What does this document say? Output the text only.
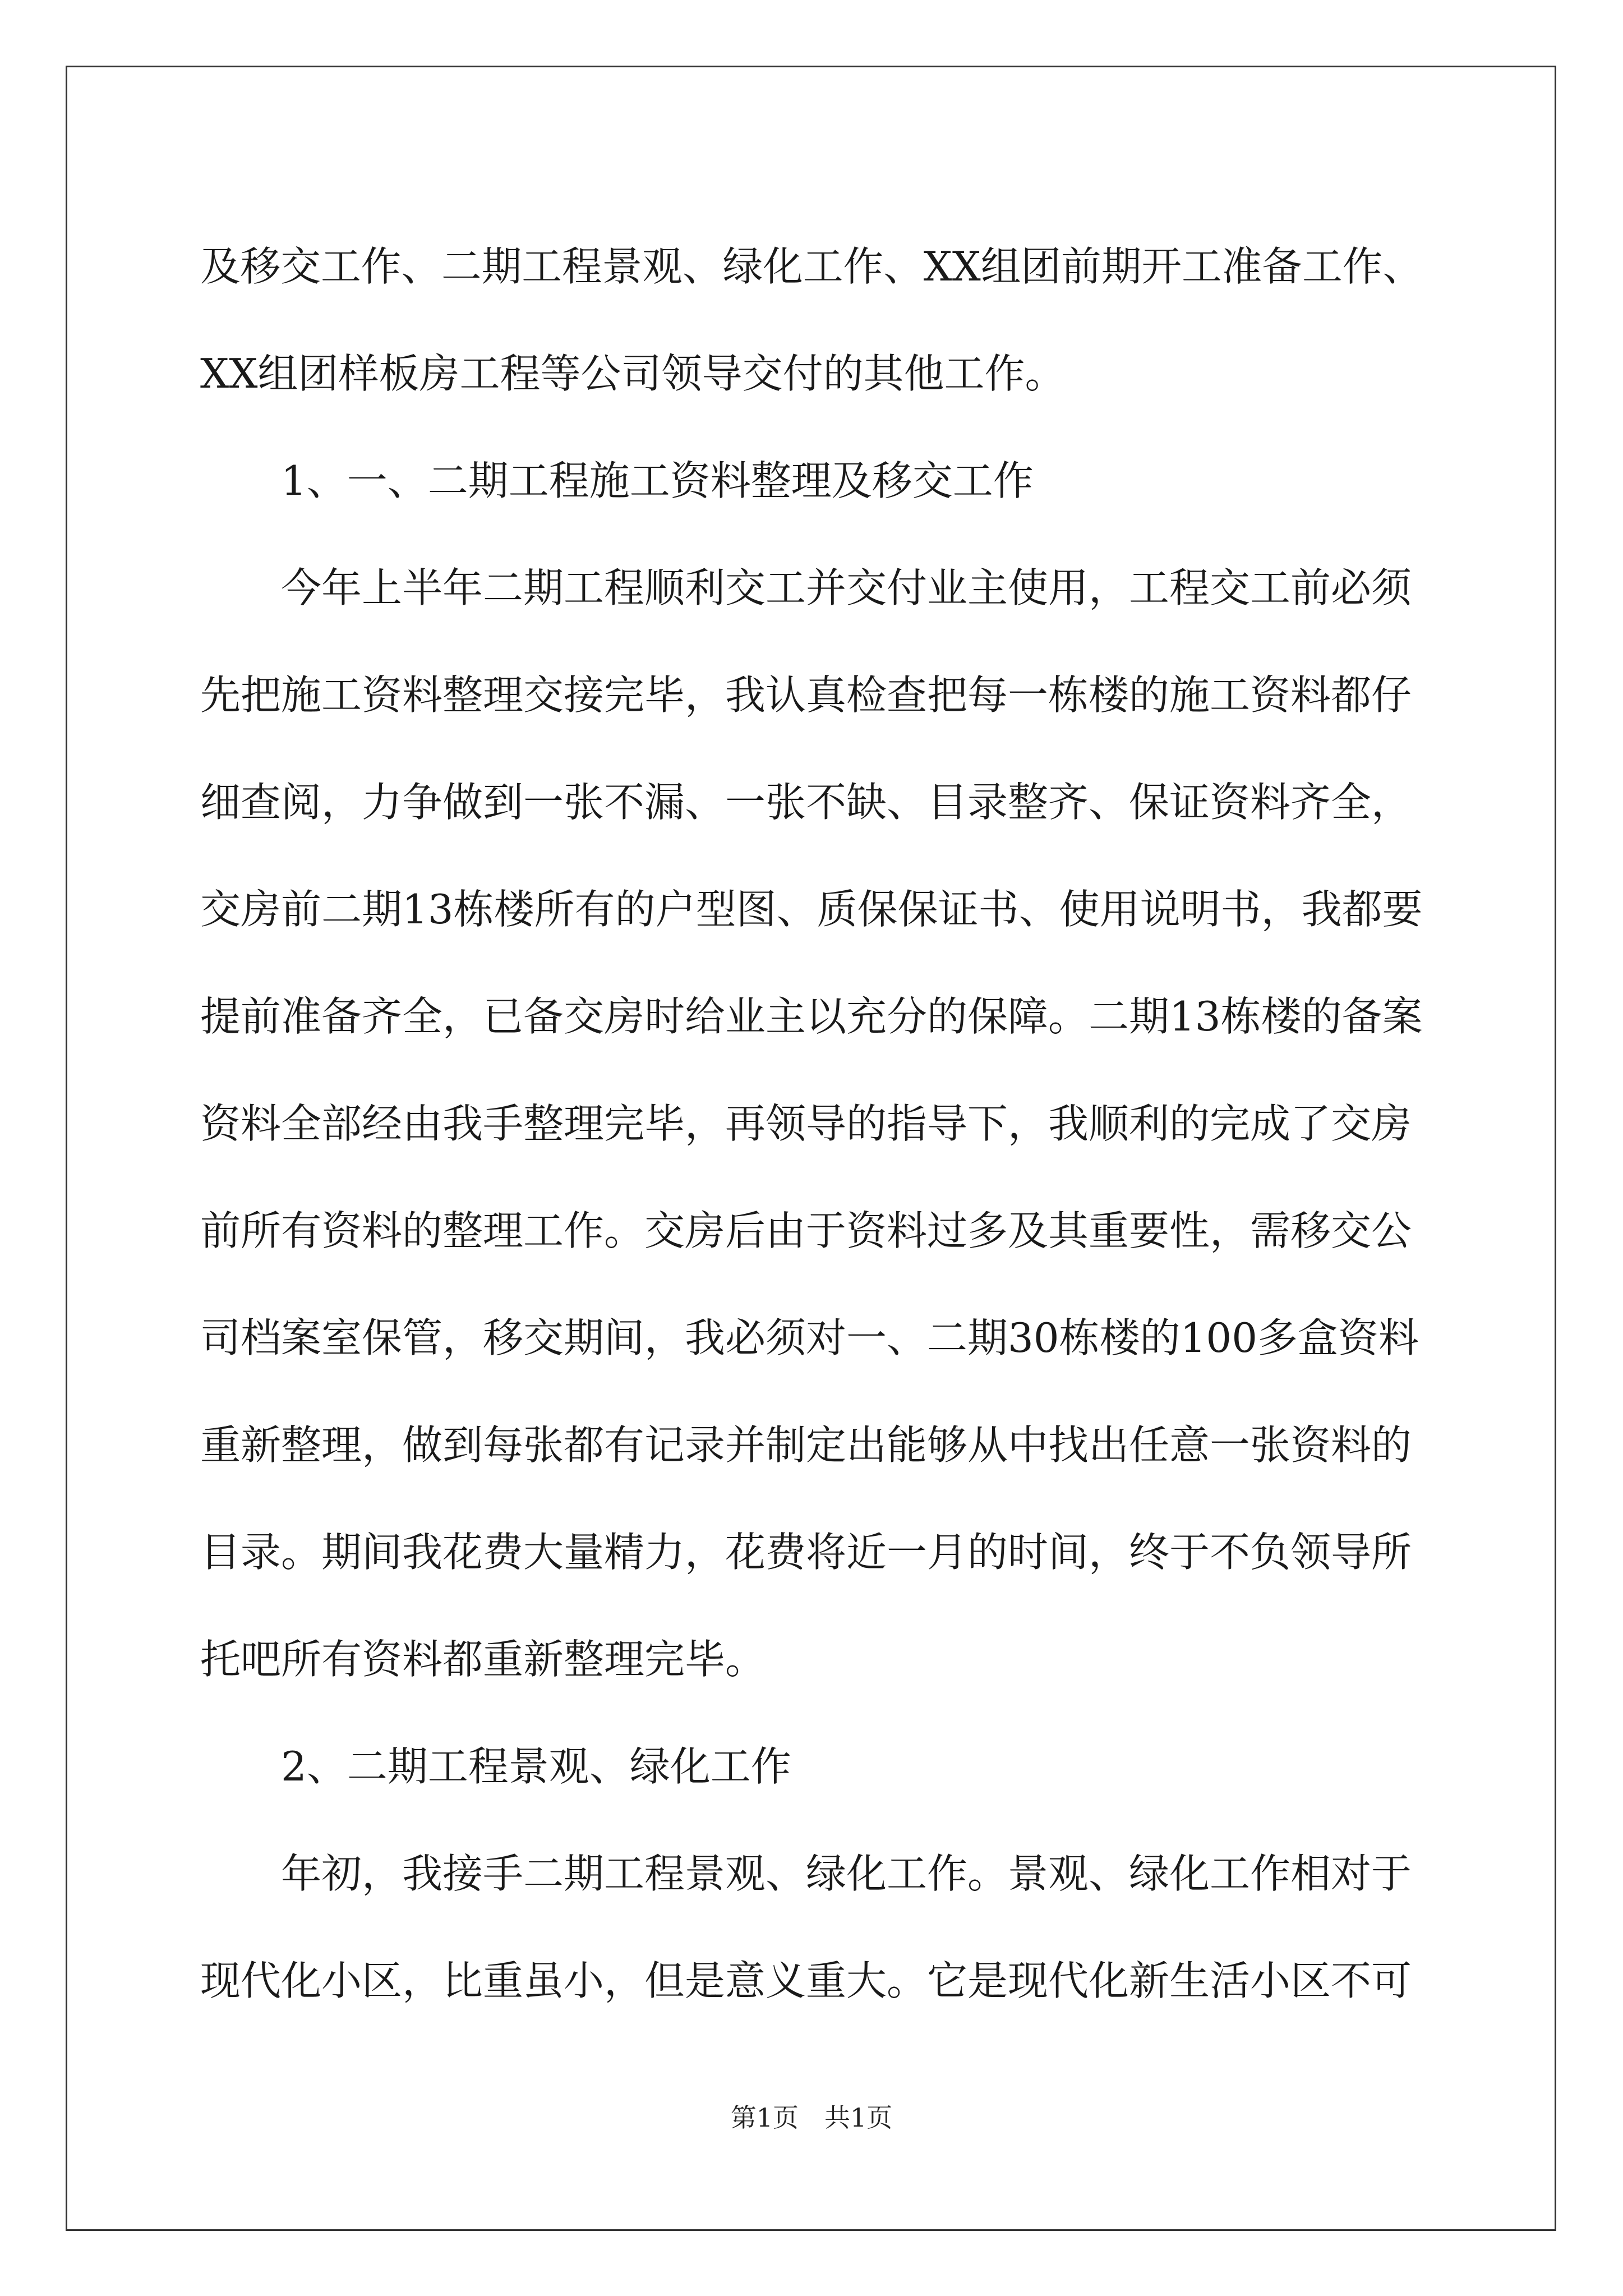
及移交工作、二期工程景观、绿化工作、XX组团前期开工准备工作、
XX组团样板房工程等公司领导交付的其他工作。
1、一、二期工程施工资料整理及移交工作
今年上半年二期工程顺利交工并交付业主使用，工程交工前必须
先把施工资料整理交接完毕，我认真检查把每一栋楼的施工资料都仔
细查阅，力争做到一张不漏、一张不缺、目录整齐、保证资料齐全，
交房前二期13栋楼所有的户型图、质保保证书、使用说明书，我都要
提前准备齐全，已备交房时给业主以充分的保障。二期13栋楼的备案
资料全部经由我手整理完毕，再领导的指导下，我顺利的完成了交房
前所有资料的整理工作。交房后由于资料过多及其重要性，需移交公
司档案室保管，移交期间，我必须对一、二期30栋楼的100多盒资料
重新整理，做到每张都有记录并制定出能够从中找出任意一张资料的
目录。期间我花费大量精力，花费将近一月的时间，终于不负领导所
托吧所有资料都重新整理完毕。
2、二期工程景观、绿化工作
年初，我接手二期工程景观、绿化工作。景观、绿化工作相对于
现代化小区，比重虽小，但是意义重大。它是现代化新生活小区不可
第1页 共1页
